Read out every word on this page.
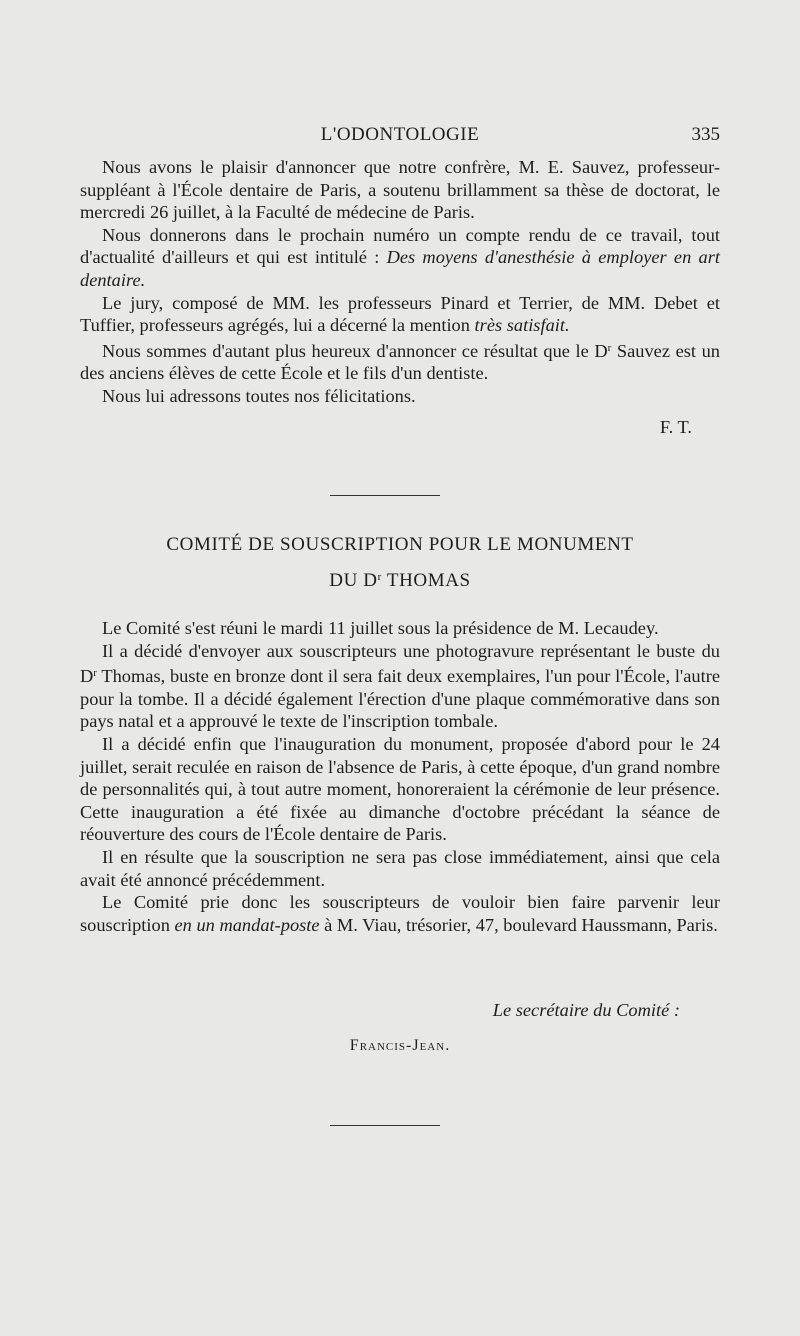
L'ODONTOLOGIE	335

Nous avons le plaisir d'annoncer que notre confrère, M. E. Sauvez, professeur-suppléant à l'École dentaire de Paris, a soutenu brillamment sa thèse de doctorat, le mercredi 26 juillet, à la Faculté de médecine de Paris.

Nous donnerons dans le prochain numéro un compte rendu de ce travail, tout d'actualité d'ailleurs et qui est intitulé : Des moyens d'anesthésie à employer en art dentaire.

Le jury, composé de MM. les professeurs Pinard et Terrier, de MM. Debet et Tuffier, professeurs agrégés, lui a décerné la mention très satisfait.

Nous sommes d'autant plus heureux d'annoncer ce résultat que le $D^r$ Sauvez est un des anciens élèves de cette École et le fils d'un dentiste.

Nous lui adressons toutes nos félicitations.

F. T.
COMITÉ DE SOUSCRIPTION POUR LE MONUMENT
DU $D^r$ THOMAS

Le Comité s'est réuni le mardi 11 juillet sous la présidence de M. Lecaudey.

Il a décidé d'envoyer aux souscripteurs une photogravure représentant le buste du $D^r$ Thomas, buste en bronze dont il sera fait deux exemplaires, l'un pour l'École, l'autre pour la tombe. Il a décidé également l'érection d'une plaque commémorative dans son pays natal et a approuvé le texte de l'inscription tombale.

Il a décidé enfin que l'inauguration du monument, proposée d'abord pour le 24 juillet, serait reculée en raison de l'absence de Paris, à cette époque, d'un grand nombre de personnalités qui, à tout autre moment, honoreraient la cérémonie de leur présence. Cette inauguration a été fixée au dimanche d'octobre précédant la séance de réouverture des cours de l'École dentaire de Paris.

Il en résulte que la souscription ne sera pas close immédiatement, ainsi que cela avait été annoncé précédemment.

Le Comité prie donc les souscripteurs de vouloir bien faire parvenir leur souscription en un mandat-poste à M. Viau, trésorier, 47, boulevard Haussmann, Paris.

Le secrétaire du Comité :
Francis-Jean.
